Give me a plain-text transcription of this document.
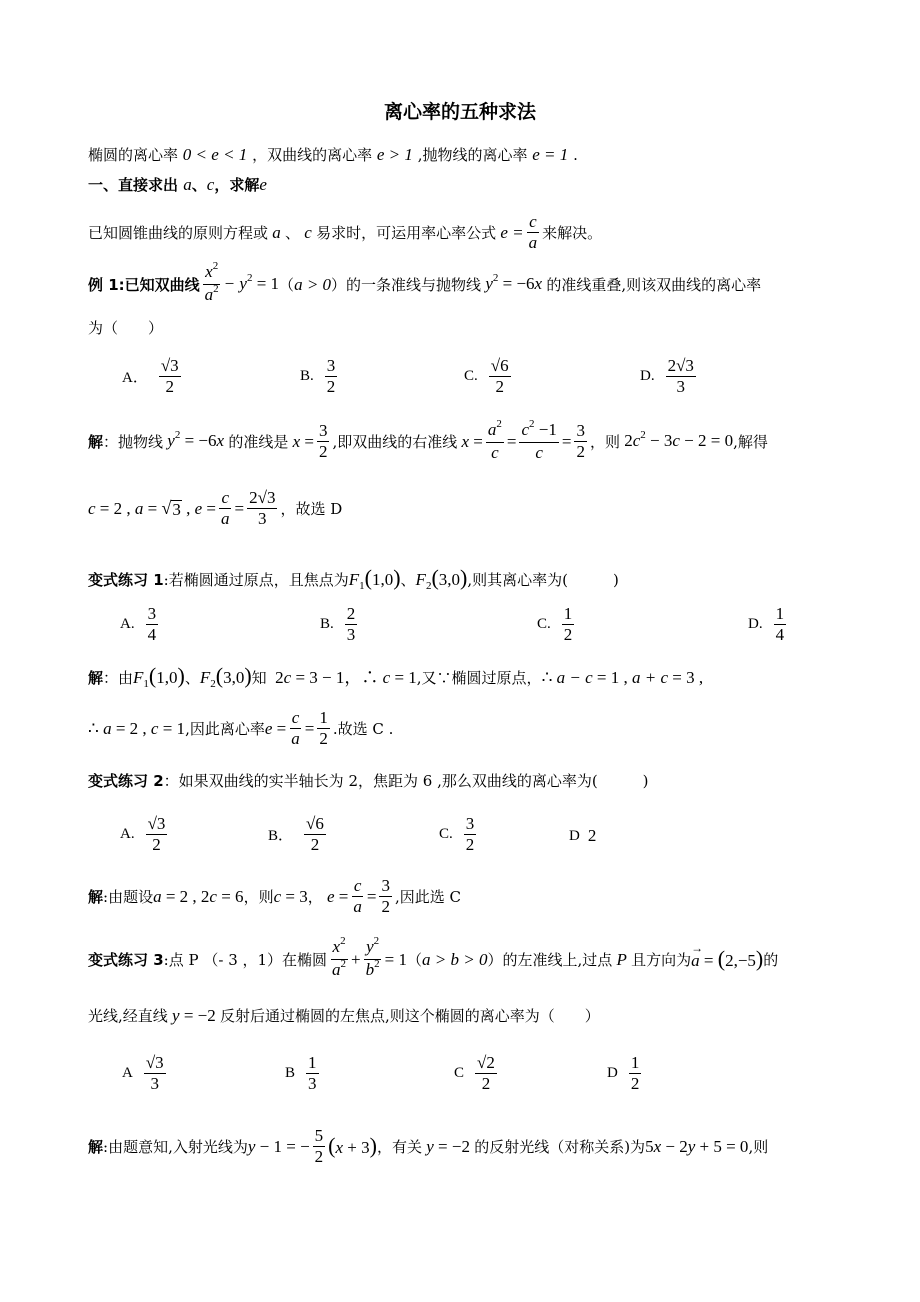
离心率的五种求法
椭圆的离心率 0 < e < 1 ，双曲线的离心率 e > 1 ,抛物线的离心率 e = 1 .
一、直接求出 a、c，求解e
已知圆锥曲线的原则方程或 a 、 c 易求时，可运用率心率公式 $e = \frac{c}{a}$ 来解决。
例 1 :已知双曲线
$x^2$
$a^2 - y^2 = 1$ （ a > 0 ）的一条准线与抛物线 $y^2 = -6x$ 的准线重叠,则该双曲线的离心率
为（　　）
A．
√3
2
B.
3
2
C.
√6
2
D.
2√3
3
解 ：抛物线 $y^2 = -6x$ 的准线是 $x = \frac{3}{2}$ ,即双曲线的右准线 $x = \frac{a^2}{c} = \frac{c^2 -1}{c} = \frac{3}{2}$ ，则 $2c^2 - 3c - 2 = 0$ ,解得
c = 2 , a = √ 3 , $e = \frac{c}{a} = \frac{2√3}{3}$ ，故选 D
变式练习 1 :若椭圆通过原点，且焦点为 $F_1(1,0)$ 、 $F_2(3,0)$ ,则其离心率为(　　　)
A.
3
4
B.
2
3
C.
1
2
D.
1
4
解 ：由 $F_1(1,0)$ 、 $F_2(3,0)$ 知 2c = 3 − 1，∴ c = 1 ,又∵椭圆过原点， ∴ a − c = 1 , a + c = 3 ,
∴ a = 2 , c = 1 ,因此离心率 $e = \frac{c}{a} = \frac{1}{2}$ .故选 C .
变式练习 2：如果双曲线的实半轴长为 2，焦距为 6 ,那么双曲线的离心率为(　　　)
A.
√3
2	B．
√6
2
C.
3
2	D 2
解 :由题设 a = 2 , 2c = 6 ，则 c = 3 ， $e = \frac{c}{a} = \frac{3}{2}$ ,因此选 C
变式练习 3 :点 P （- 3 ，1）在椭圆
$x^2$
$a^2 + \frac{y^2}{b^2} = 1$ （ a > b > 0 ）的左准线上,过点 P 且方向为
→ a = (2,−5) 的
光线,经直线 y = −2 反射后通过椭圆的左焦点,则这个椭圆的离心率为（　　）
A
√3
3
B
1
3
C
√2
2
D
1
2
解 :由题意知,入射光线为 y − 1 = − $\frac{5}{2} (x + 3)$ ，有关 y = −2 的反射光线（对称关系)为 5x − 2y + 5 = 0 ,则
